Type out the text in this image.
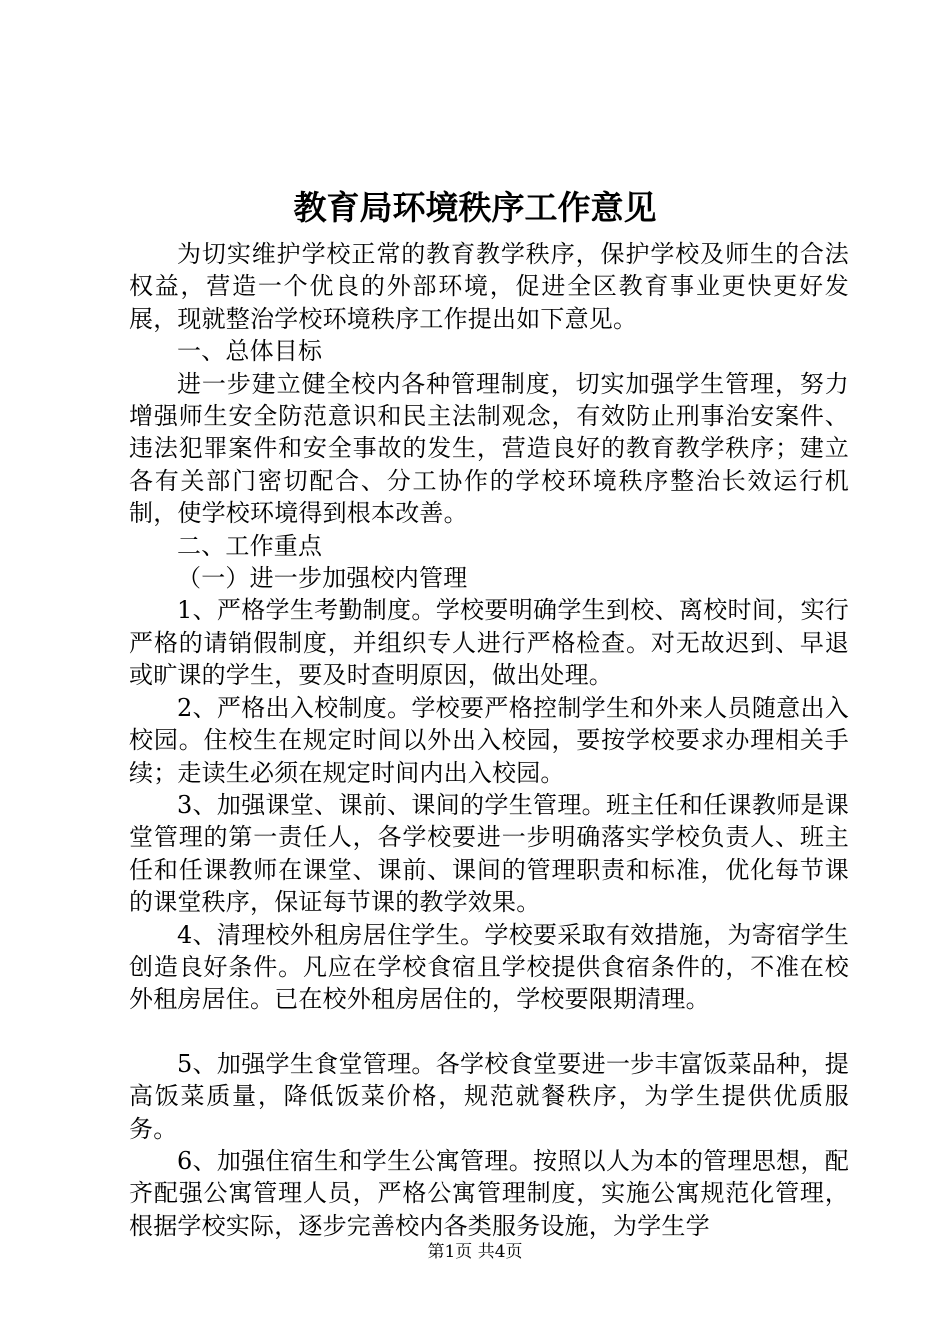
教育局环境秩序工作意见

为切实维护学校正常的教育教学秩序，保护学校及师生的合法权益，营造一个优良的外部环境，促进全区教育事业更快更好发展，现就整治学校环境秩序工作提出如下意见。

一、总体目标

进一步建立健全校内各种管理制度，切实加强学生管理，努力增强师生安全防范意识和民主法制观念，有效防止刑事治安案件、违法犯罪案件和安全事故的发生，营造良好的教育教学秩序；建立各有关部门密切配合、分工协作的学校环境秩序整治长效运行机制，使学校环境得到根本改善。

二、工作重点

（一）进一步加强校内管理

1、严格学生考勤制度。学校要明确学生到校、离校时间，实行严格的请销假制度，并组织专人进行严格检查。对无故迟到、早退或旷课的学生，要及时查明原因，做出处理。

2、严格出入校制度。学校要严格控制学生和外来人员随意出入校园。住校生在规定时间以外出入校园，要按学校要求办理相关手续；走读生必须在规定时间内出入校园。

3、加强课堂、课前、课间的学生管理。班主任和任课教师是课堂管理的第一责任人，各学校要进一步明确落实学校负责人、班主任和任课教师在课堂、课前、课间的管理职责和标准，优化每节课的课堂秩序，保证每节课的教学效果。

4、清理校外租房居住学生。学校要采取有效措施，为寄宿学生创造良好条件。凡应在学校食宿且学校提供食宿条件的，不准在校外租房居住。已在校外租房居住的，学校要限期清理。

5、加强学生食堂管理。各学校食堂要进一步丰富饭菜品种，提高饭菜质量，降低饭菜价格，规范就餐秩序，为学生提供优质服务。

6、加强住宿生和学生公寓管理。按照以人为本的管理思想，配齐配强公寓管理人员，严格公寓管理制度，实施公寓规范化管理，根据学校实际，逐步完善校内各类服务设施，为学生学

第1页 共4页
